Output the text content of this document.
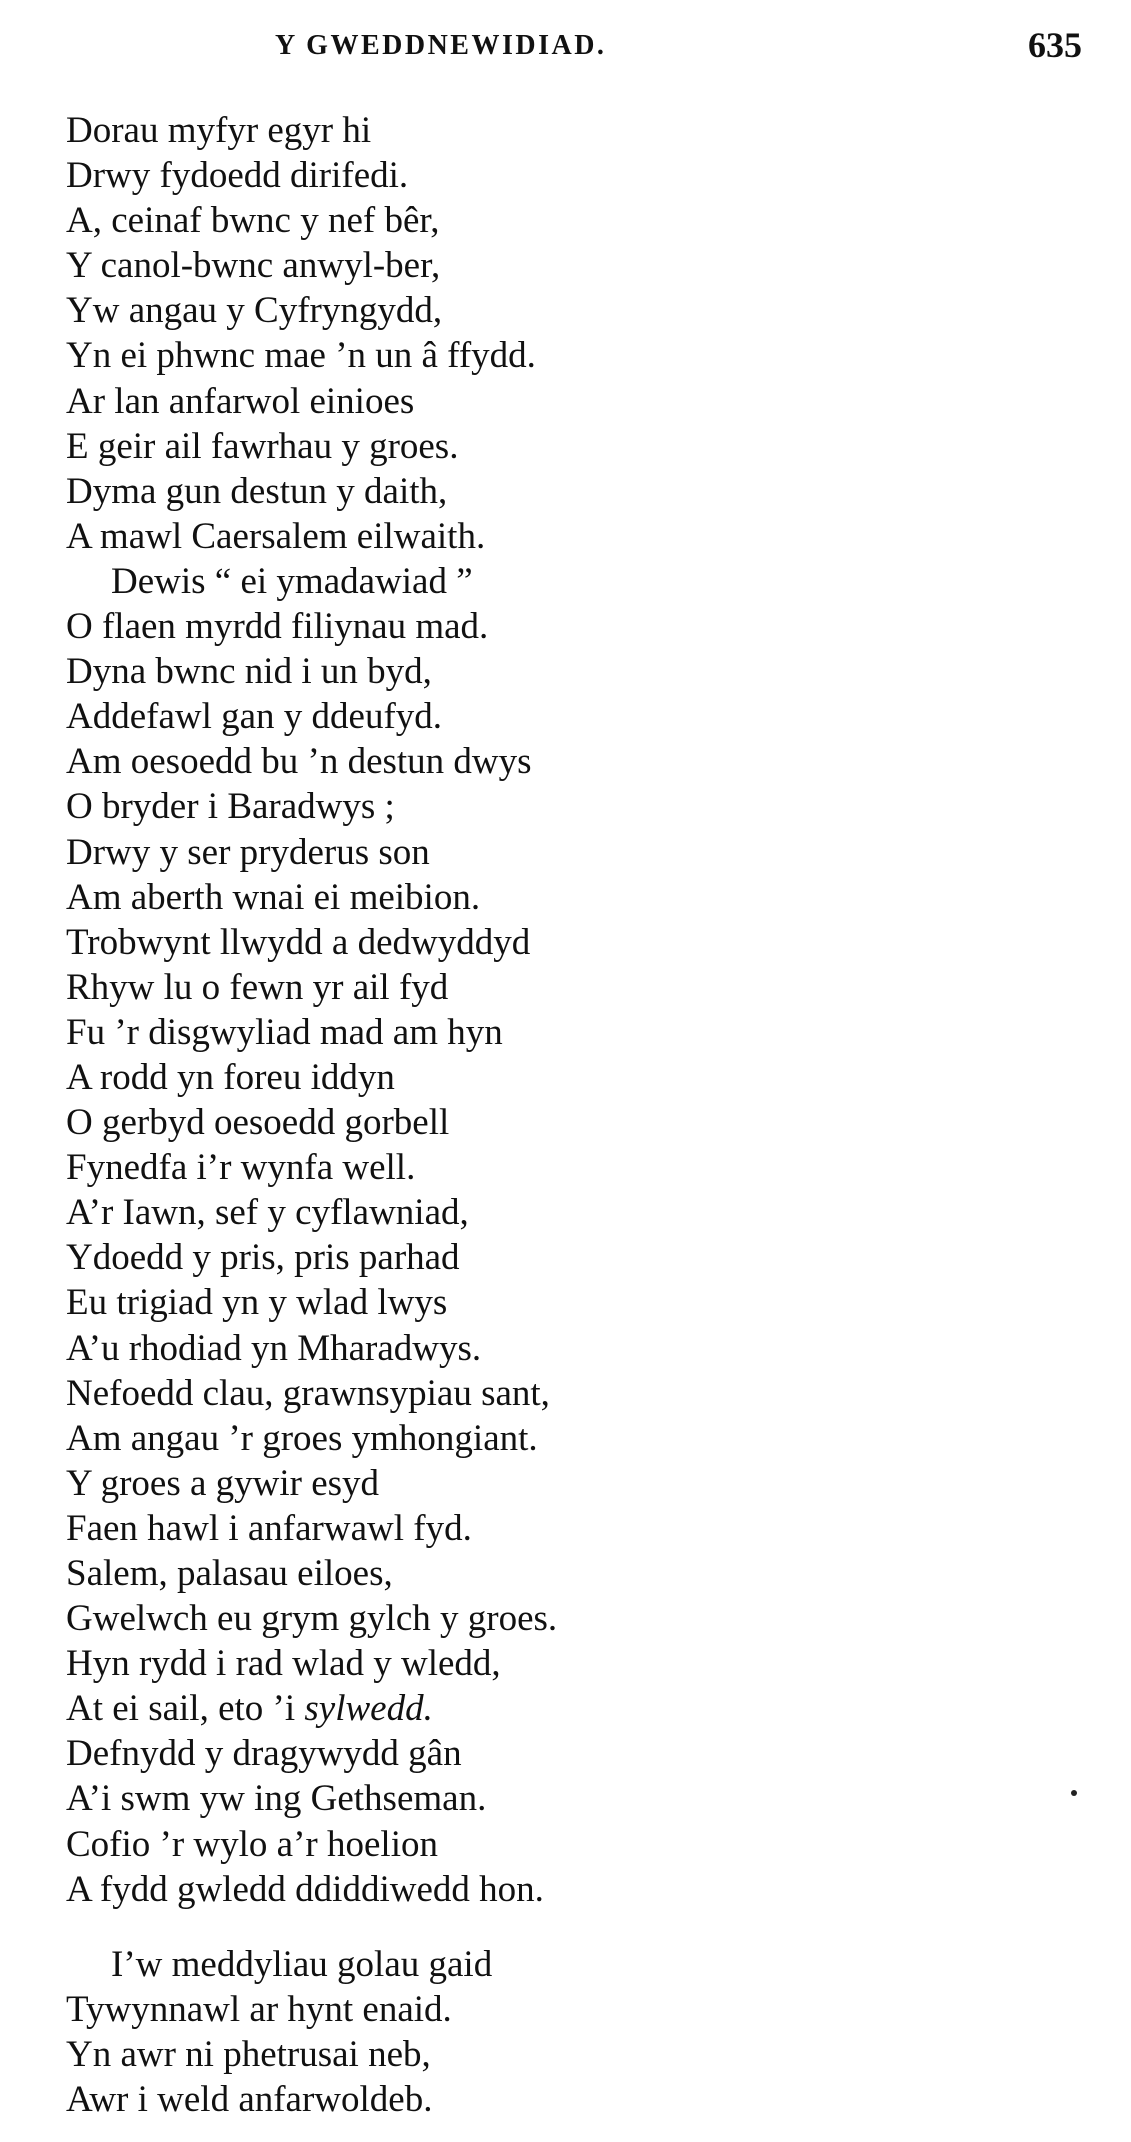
Y GWEDDNEWIDIAD.	635
Dorau myfyr egyr hi
Drwy fydoedd dirifedi.
A, ceinaf bwnc y nef bêr,
Y canol-bwnc anwyl-ber,
Yw angau y Cyfryngydd,
Yn ei phwnc mae ’n un â ffydd.
Ar lan anfarwol einioes
E geir ail fawrhau y groes.
Dyma gun destun y daith,
A mawl Caersalem eilwaith.
Dewis “ ei ymadawiad ”
O flaen myrdd filiynau mad.
Dyna bwnc nid i un byd,
Addefawl gan y ddeufyd.
Am oesoedd bu ’n destun dwys
O bryder i Baradwys ;
Drwy y ser pryderus son
Am aberth wnai ei meibion.
Trobwynt llwydd a dedwyddyd
Rhyw lu o fewn yr ail fyd
Fu ’r disgwyliad mad am hyn
A rodd yn foreu iddyn
O gerbyd oesoedd gorbell
Fynedfa i’r wynfa well.
A’r Iawn, sef y cyflawniad,
Ydoedd y pris, pris parhad
Eu trigiad yn y wlad lwys
A’u rhodiad yn Mharadwys.
Nefoedd clau, grawnsypiau sant,
Am angau ’r groes ymhongiant.
Y groes a gywir esyd
Faen hawl i anfarwawl fyd.
Salem, palasau eiloes,
Gwelwch eu grym gylch y groes.
Hyn rydd i rad wlad y wledd,
At ei sail, eto ’i sylwedd.
Defnydd y dragywydd gân
A’i swm yw ing Gethseman.
Cofio ’r wylo a’r hoelion
A fydd gwledd ddiddiwedd hon.
I’w meddyliau golau gaid
Tywynnawl ar hynt enaid.
Yn awr ni phetrusai neb,
Awr i weld anfarwoldeb.
